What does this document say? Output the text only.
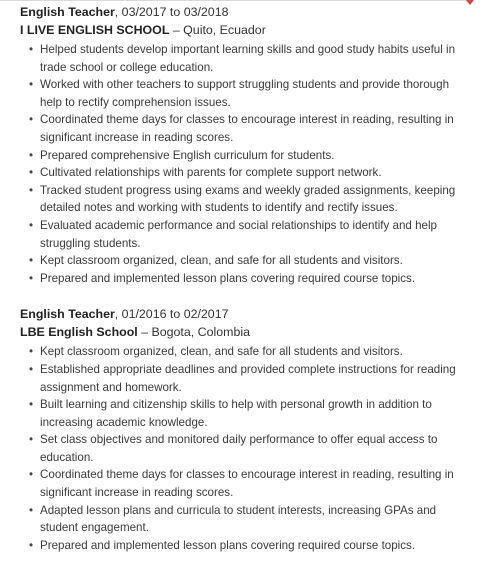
English Teacher, 03/2017 to 03/2018
I LIVE ENGLISH SCHOOL – Quito, Ecuador
• Helped students develop important learning skills and good study habits useful in trade school or college education.
• Worked with other teachers to support struggling students and provide thorough help to rectify comprehension issues.
• Coordinated theme days for classes to encourage interest in reading, resulting in significant increase in reading scores.
• Prepared comprehensive English curriculum for students.
• Cultivated relationships with parents for complete support network.
• Tracked student progress using exams and weekly graded assignments, keeping detailed notes and working with students to identify and rectify issues.
• Evaluated academic performance and social relationships to identify and help struggling students.
• Kept classroom organized, clean, and safe for all students and visitors.
• Prepared and implemented lesson plans covering required course topics.
English Teacher, 01/2016 to 02/2017
LBE English School – Bogota, Colombia
• Kept classroom organized, clean, and safe for all students and visitors.
• Established appropriate deadlines and provided complete instructions for reading assignment and homework.
• Built learning and citizenship skills to help with personal growth in addition to increasing academic knowledge.
• Set class objectives and monitored daily performance to offer equal access to education.
• Coordinated theme days for classes to encourage interest in reading, resulting in significant increase in reading scores.
• Adapted lesson plans and curricula to student interests, increasing GPAs and student engagement.
• Prepared and implemented lesson plans covering required course topics.
